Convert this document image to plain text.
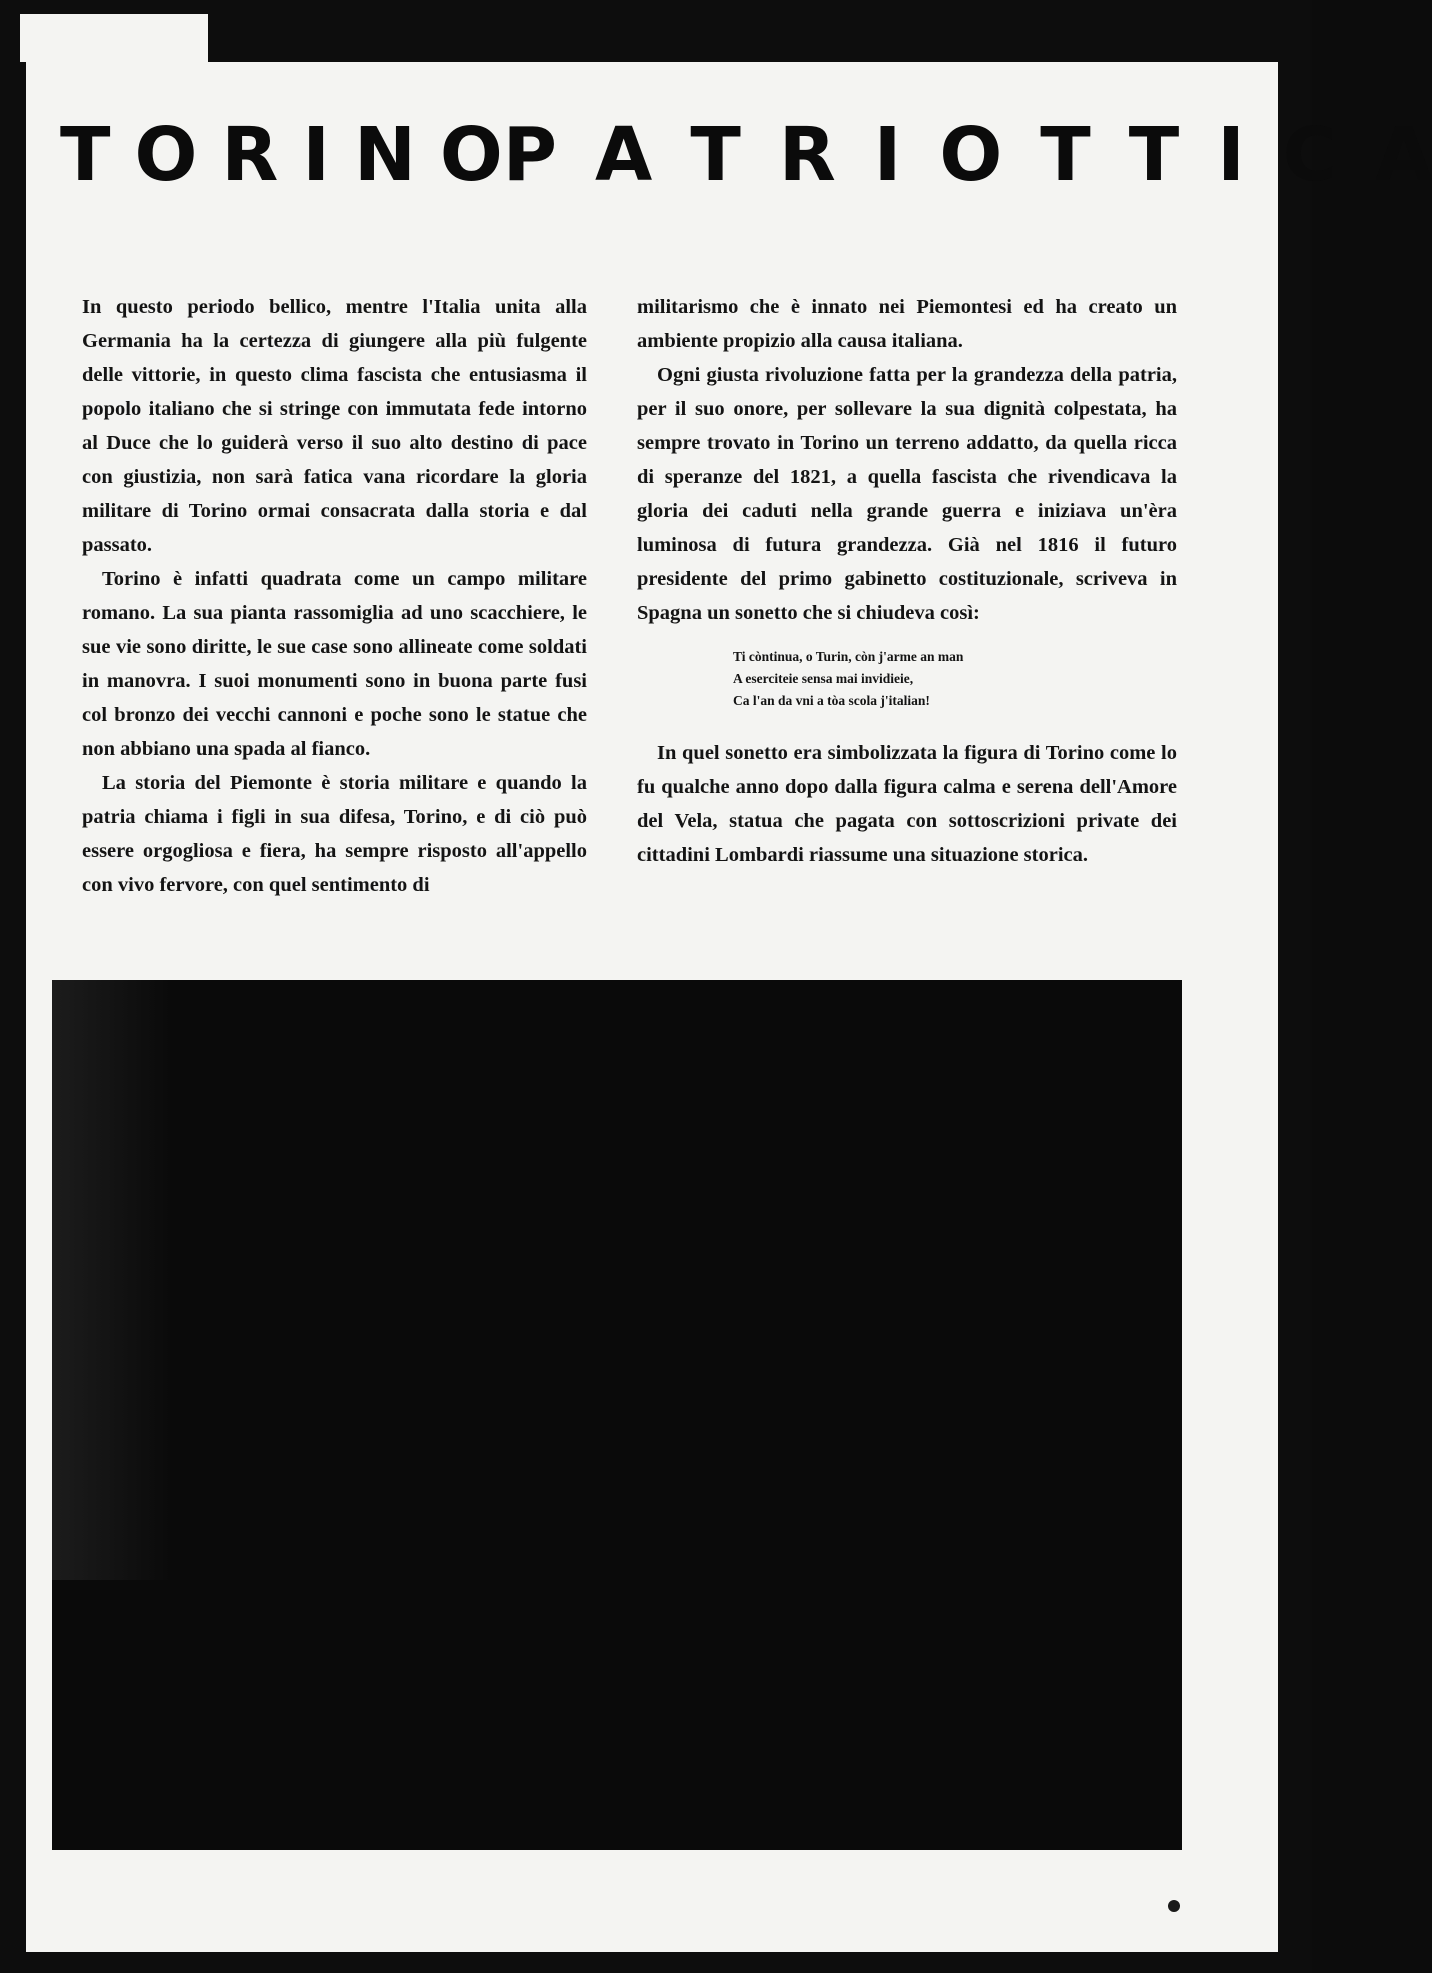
T O R I N O P A T R I O T T I C A

In questo periodo bellico, mentre l'Italia unita alla Germania ha la certezza di giungere alla più fulgente delle vittorie, in questo clima fascista che entusiasma il popolo italiano che si stringe con immutata fede intorno al Duce che lo guiderà verso il suo alto destino di pace con giustizia, non sarà fatica vana ricordare la gloria militare di Torino ormai consacrata dalla storia e dal passato.

Torino è infatti quadrata come un campo militare romano. La sua pianta rassomiglia ad uno scacchiere, le sue vie sono diritte, le sue case sono allineate come soldati in manovra. I suoi monumenti sono in buona parte fusi col bronzo dei vecchi cannoni e poche sono le statue che non abbiano una spada al fianco.

La storia del Piemonte è storia militare e quando la patria chiama i figli in sua difesa, Torino, e di ciò può essere orgogliosa e fiera, ha sempre risposto all'appello con vivo fervore, con quel sentimento di

militarismo che è innato nei Piemontesi ed ha creato un ambiente propizio alla causa italiana.

Ogni giusta rivoluzione fatta per la grandezza della patria, per il suo onore, per sollevare la sua dignità colpestata, ha sempre trovato in Torino un terreno addatto, da quella ricca di speranze del 1821, a quella fascista che rivendicava la gloria dei caduti nella grande guerra e iniziava un'èra luminosa di futura grandezza. Già nel 1816 il futuro presidente del primo gabinetto costituzionale, scriveva in Spagna un sonetto che si chiudeva così:

Ti còntinua, o Turin, còn j'arme an man
A eserciteie sensa mai invidieie,
Ca l'an da vni a tòa scola j'italian!

In quel sonetto era simbolizzata la figura di Torino come lo fu qualche anno dopo dalla figura calma e serena dell'Amore del Vela, statua che pagata con sottoscrizioni private dei cittadini Lombardi riassume una situazione storica.
